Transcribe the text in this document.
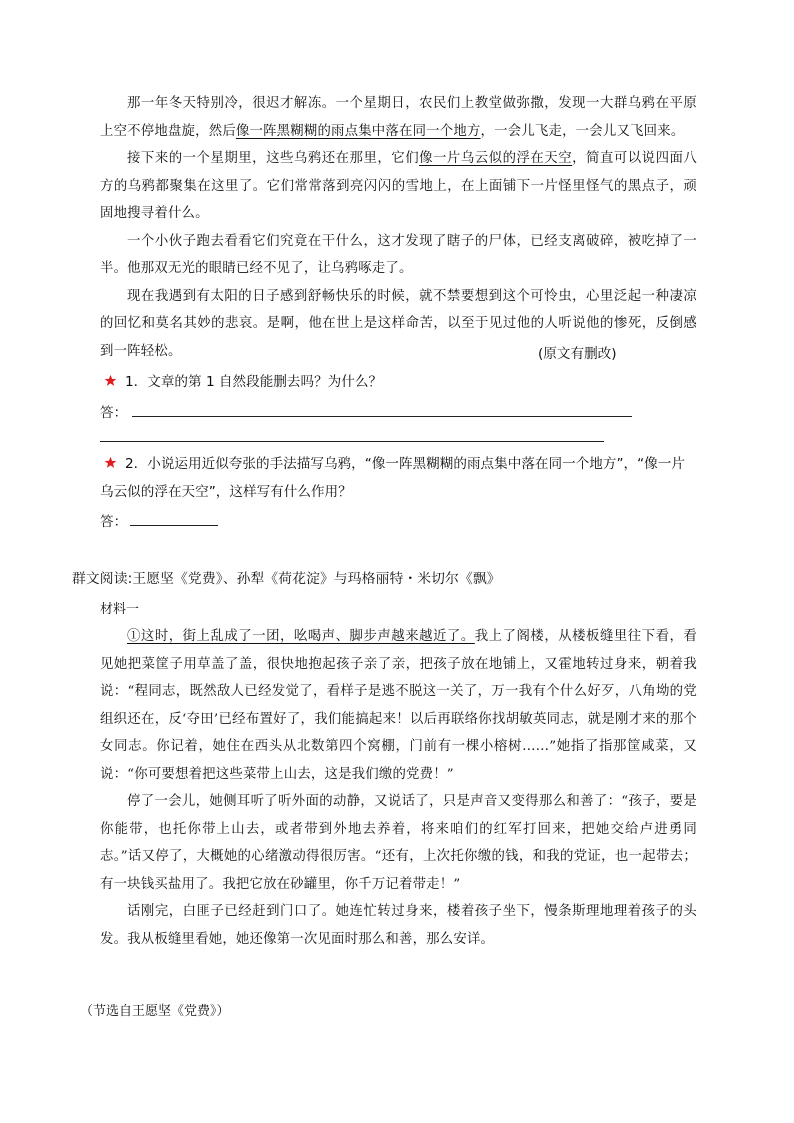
那一年冬天特别冷，很迟才解冻。一个星期日，农民们上教堂做弥撒，发现一大群乌鸦在平原上空不停地盘旋，然后像一阵黑糊糊的雨点集中落在同一个地方，一会儿飞走，一会儿又飞回来。

接下来的一个星期里，这些乌鸦还在那里，它们像一片乌云似的浮在天空，简直可以说四面八方的乌鸦都聚集在这里了。它们常常落到亮闪闪的雪地上，在上面铺下一片怪里怪气的黑点子，顽固地搜寻着什么。

一个小伙子跑去看看它们究竟在干什么，这才发现了瞎子的尸体，已经支离破碎，被吃掉了一半。他那双无光的眼睛已经不见了，让乌鸦啄走了。

现在我遇到有太阳的日子感到舒畅快乐的时候，就不禁要想到这个可怜虫，心里泛起一种凄凉的回忆和莫名其妙的悲哀。是啊，他在世上是这样命苦，以至于见过他的人听说他的惨死，反倒感到一阵轻松。	(原文有删改)
1．文章的第 1 自然段能删去吗？为什么？
答：
2．小说运用近似夸张的手法描写乌鸦，“像一阵黑糊糊的雨点集中落在同一个地方”，“像一片
乌云似的浮在天空”，这样写有什么作用？
答：
群文阅读:王愿坚《党费》、孙犁《荷花淀》与玛格丽特・米切尔《飘》
材料一

①这时，街上乱成了一团，吆喝声、脚步声越来越近了。我上了阁楼，从楼板缝里往下看，看见她把菜筐子用草盖了盖，很快地抱起孩子亲了亲，把孩子放在地铺上，又霍地转过身来，朝着我说：“程同志，既然敌人已经发觉了，看样子是逃不脱这一关了，万一我有个什么好歹，八角坳的党组织还在，反‘夺田’已经布置好了，我们能搞起来！以后再联络你找胡敏英同志，就是刚才来的那个女同志。你记着，她住在西头从北数第四个窝棚，门前有一棵小榕树……”她指了指那筐咸菜，又说：“你可要想着把这些菜带上山去，这是我们缴的党费！”

停了一会儿，她侧耳听了听外面的动静，又说话了，只是声音又变得那么和善了：“孩子，要是你能带，也托你带上山去，或者带到外地去养着，将来咱们的红军打回来，把她交给卢进勇同志。”话又停了，大概她的心绪激动得很厉害。“还有，上次托你缴的钱，和我的党证，也一起带去；有一块钱买盐用了。我把它放在砂罐里，你千万记着带走！”

话刚完，白匪子已经赶到门口了。她连忙转过身来，楼着孩子坐下，慢条斯理地理着孩子的头发。我从板缝里看她，她还像第一次见面时那么和善，那么安详。

（节选自王愿坚《党费》）
